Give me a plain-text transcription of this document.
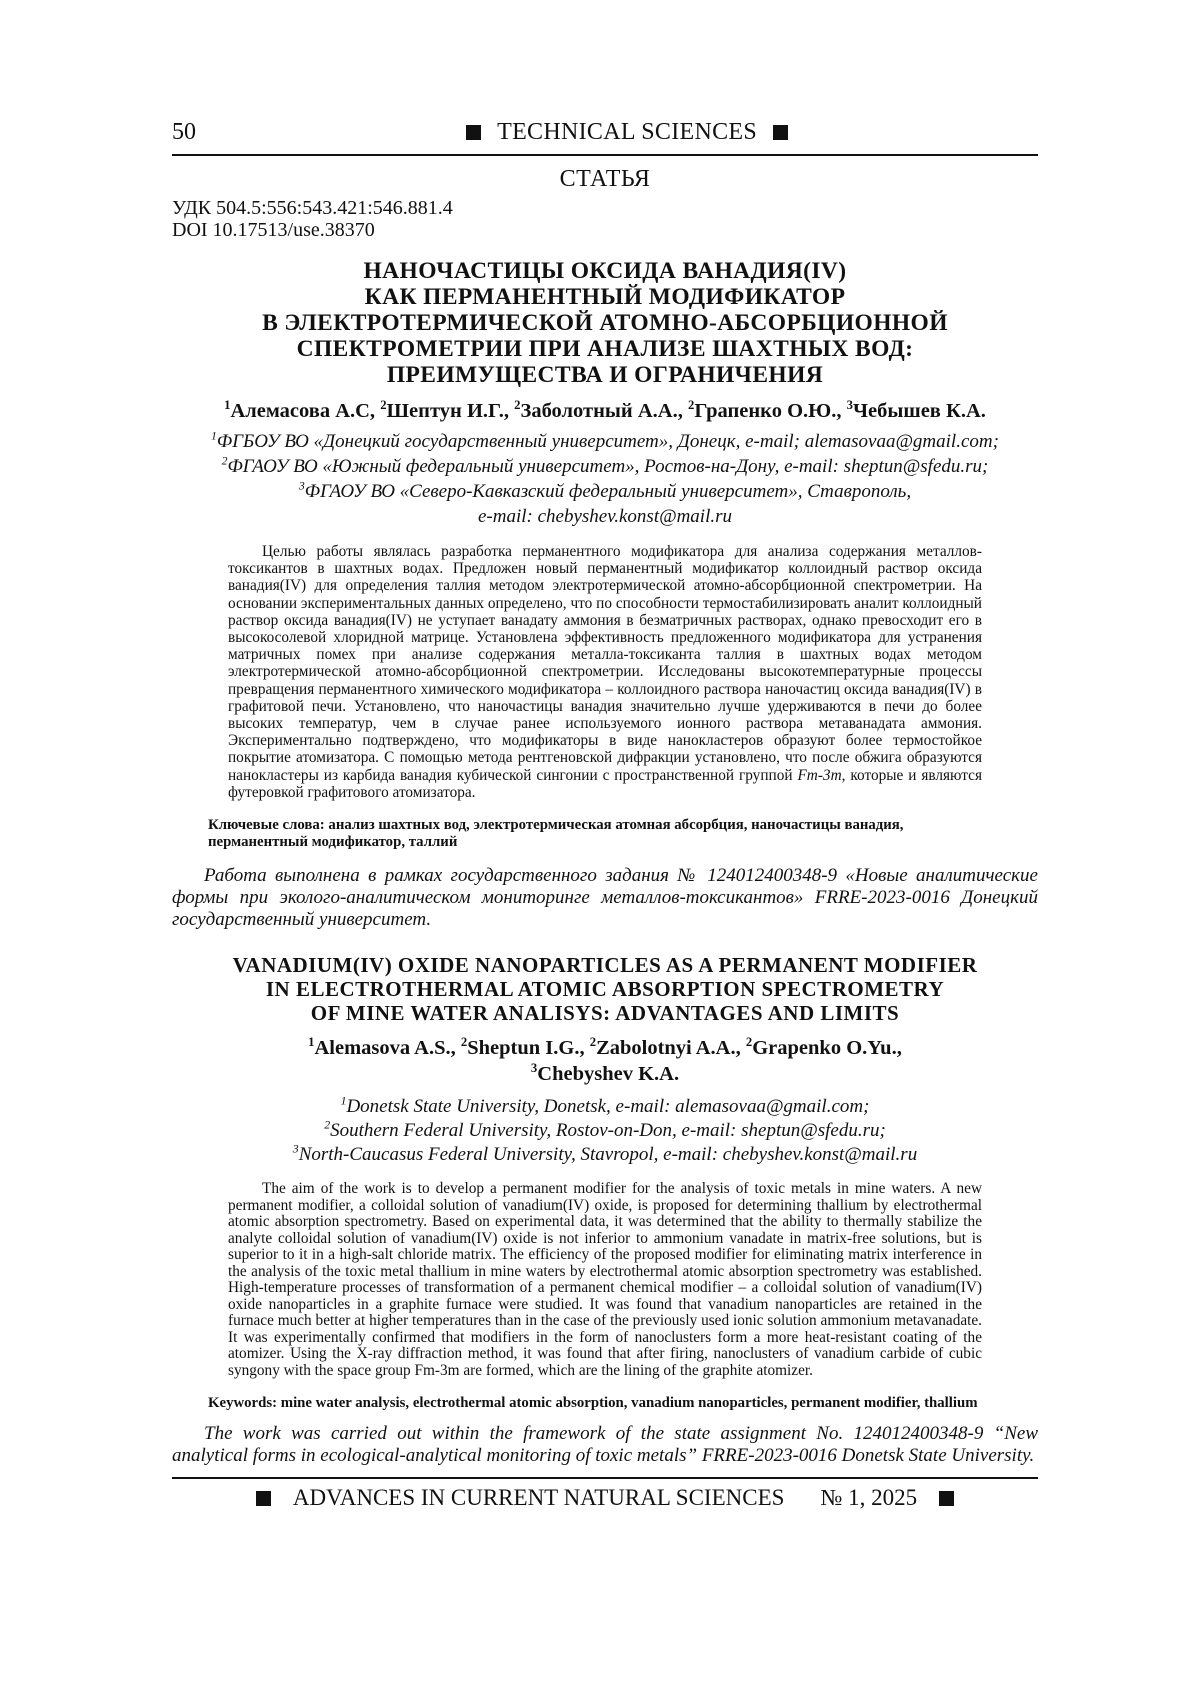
50	TECHNICAL SCIENCES
СТАТЬЯ
УДК 504.5:556:543.421:546.881.4
DOI 10.17513/use.38370
НАНОЧАСТИЦЫ ОКСИДА ВАНАДИЯ(IV)
КАК ПЕРМАНЕНТНЫЙ МОДИФИКАТОР
В ЭЛЕКТРОТЕРМИЧЕСКОЙ АТОМНО-АБСОРБЦИОННОЙ
СПЕКТРОМЕТРИИ ПРИ АНАЛИЗЕ ШАХТНЫХ ВОД:
ПРЕИМУЩЕСТВА И ОГРАНИЧЕНИЯ
$^1$Алемасова А.С, $^2$Шептун И.Г., $^2$Заболотный А.А., $^2$Грапенко О.Ю., $^3$Чебышев К.А.
$^1$ФГБОУ ВО «Донецкий государственный университет», Донецк, e-mail; alemasovaa@gmail.com;
$^2$ФГАОУ ВО «Южный федеральный университет», Ростов-на-Дону, e-mail: sheptun@sfedu.ru;
$^3$ФГАОУ ВО «Северо-Кавказский федеральный университет», Ставрополь,
e-mail: chebyshev.konst@mail.ru
Целью работы являлась разработка перманентного модификатора для анализа содержания металлов-токсикантов в шахтных водах. Предложен новый перманентный модификатор коллоидный раствор оксида ванадия(IV) для определения таллия методом электротермической атомно-абсорбционной спектрометрии. На основании экспериментальных данных определено, что по способности термостабилизировать аналит коллоидный раствор оксида ванадия(IV) не уступает ванадату аммония в безматричных растворах, однако превосходит его в высокосолевой хлоридной матрице. Установлена эффективность предложенного модификатора для устранения матричных помех при анализе содержания металла-токсиканта таллия в шахтных водах методом электротермической атомно-абсорбционной спектрометрии. Исследованы высокотемпературные процессы превращения перманентного химического модификатора – коллоидного раствора наночастиц оксида ванадия(IV) в графитовой печи. Установлено, что наночастицы ванадия значительно лучше удерживаются в печи до более высоких температур, чем в случае ранее используемого ионного раствора метаванадата аммония. Экспериментально подтверждено, что модификаторы в виде нанокластеров образуют более термостойкое покрытие атомизатора. С помощью метода рентгеновской дифракции установлено, что после обжига образуются нанокластеры из карбида ванадия кубической сингонии с пространственной группой Fm-3m, которые и являются футеровкой графитового атомизатора.
Ключевые слова: анализ шахтных вод, электротермическая атомная абсорбция, наночастицы ванадия, перманентный модификатор, таллий
Работа выполнена в рамках государственного задания № 124012400348-9 «Новые аналитические формы при эколого-аналитическом мониторинге металлов-токсикантов» FRRE-2023-0016 Донецкий государственный университет.
VANADIUM(IV) OXIDE NANOPARTICLES AS A PERMANENT MODIFIER
IN ELECTROTHERMAL ATOMIC ABSORPTION SPECTROMETRY
OF MINE WATER ANALISYS: ADVANTAGES AND LIMITS
$^1$Alemasova A.S., $^2$Sheptun I.G., $^2$Zabolotnyi A.A., $^2$Grapenko O.Yu.,
$^3$Chebyshev K.A.
$^1$Donetsk State University, Donetsk, e-mail: alemasovaa@gmail.com;
$^2$Southern Federal University, Rostov-on-Don, e-mail: sheptun@sfedu.ru;
$^3$North-Caucasus Federal University, Stavropol, e-mail: chebyshev.konst@mail.ru
The aim of the work is to develop a permanent modifier for the analysis of toxic metals in mine waters. A new permanent modifier, a colloidal solution of vanadium(IV) oxide, is proposed for determining thallium by electrothermal atomic absorption spectrometry. Based on experimental data, it was determined that the ability to thermally stabilize the analyte colloidal solution of vanadium(IV) oxide is not inferior to ammonium vanadate in matrix-free solutions, but is superior to it in a high-salt chloride matrix. The efficiency of the proposed modifier for eliminating matrix interference in the analysis of the toxic metal thallium in mine waters by electrothermal atomic absorption spectrometry was established. High-temperature processes of transformation of a permanent chemical modifier – a colloidal solution of vanadium(IV) oxide nanoparticles in a graphite furnace were studied. It was found that vanadium nanoparticles are retained in the furnace much better at higher temperatures than in the case of the previously used ionic solution ammonium metavanadate. It was experimentally confirmed that modifiers in the form of nanoclusters form a more heat-resistant coating of the atomizer. Using the X-ray diffraction method, it was found that after firing, nanoclusters of vanadium carbide of cubic syngony with the space group Fm-3m are formed, which are the lining of the graphite atomizer.
Keywords: mine water analysis, electrothermal atomic absorption, vanadium nanoparticles, permanent modifier, thallium
The work was carried out within the framework of the state assignment No. 124012400348-9 “New analytical forms in ecological-analytical monitoring of toxic metals” FRRE-2023-0016 Donetsk State University.
ADVANCES IN CURRENT NATURAL SCIENCES № 1, 2025
